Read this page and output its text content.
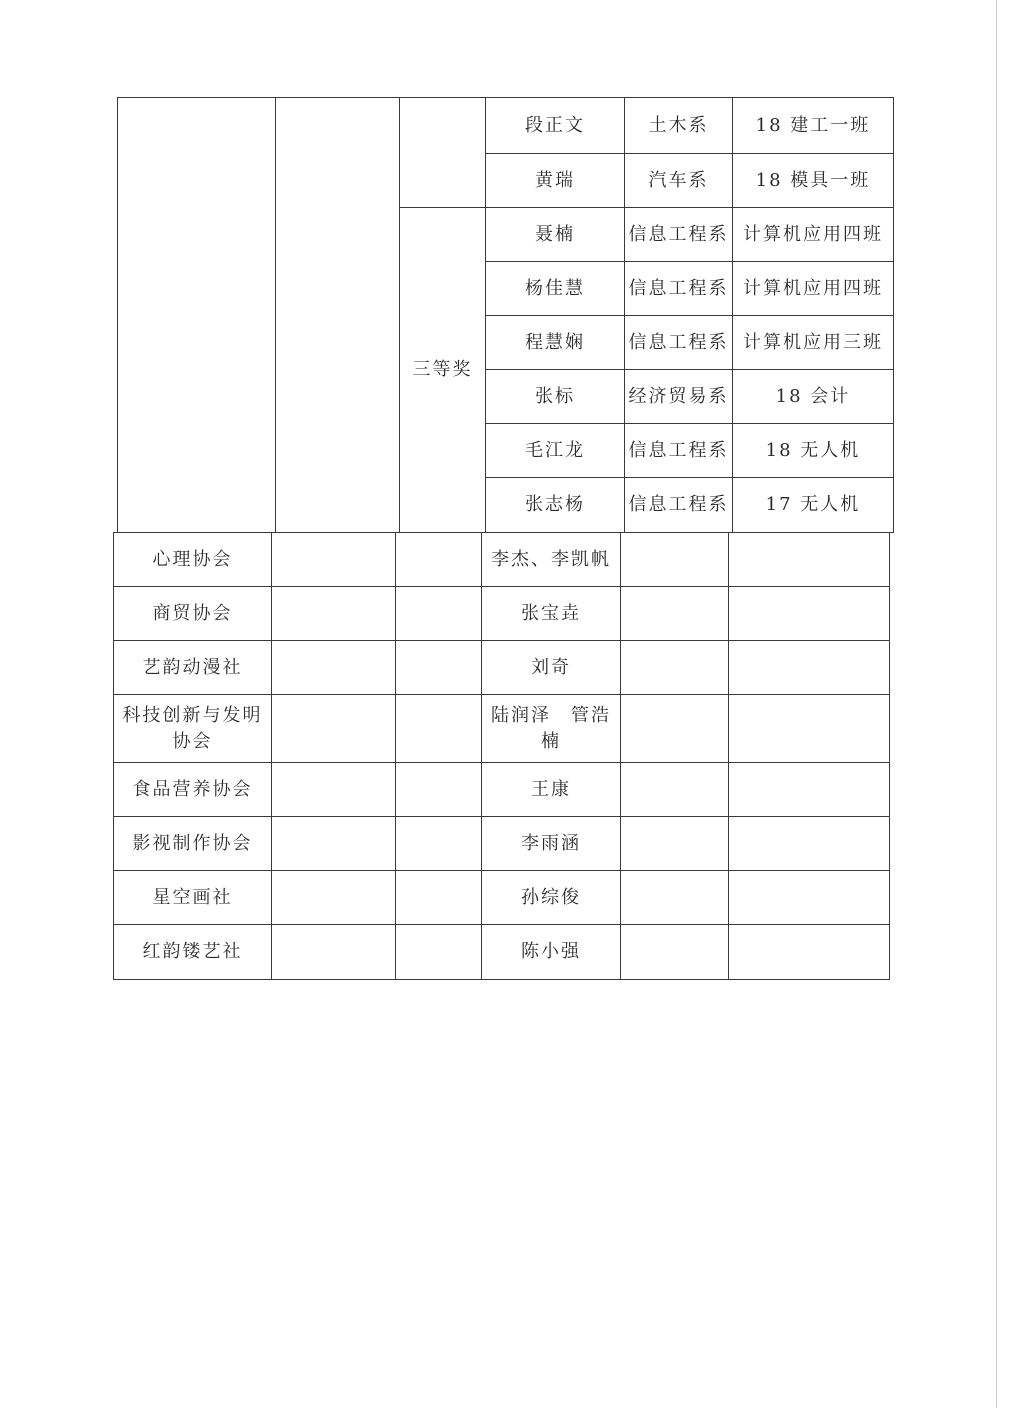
			段正文	土木系	18 建工一班
			黄瑞	汽车系	18 模具一班
		三等奖	聂楠	信息工程系	计算机应用四班
			杨佳慧	信息工程系	计算机应用四班
			程慧娴	信息工程系	计算机应用三班
			张标	经济贸易系	18 会计
			毛江龙	信息工程系	18 无人机
			张志杨	信息工程系	17 无人机
心理协会			李杰、李凯帆		
商贸协会			张宝垚		
艺韵动漫社			刘奇		
科技创新与发明协会			陆润泽　管浩楠		
食品营养协会			王康		
影视制作协会			李雨涵		
星空画社			孙综俊		
红韵镂艺社			陈小强		
